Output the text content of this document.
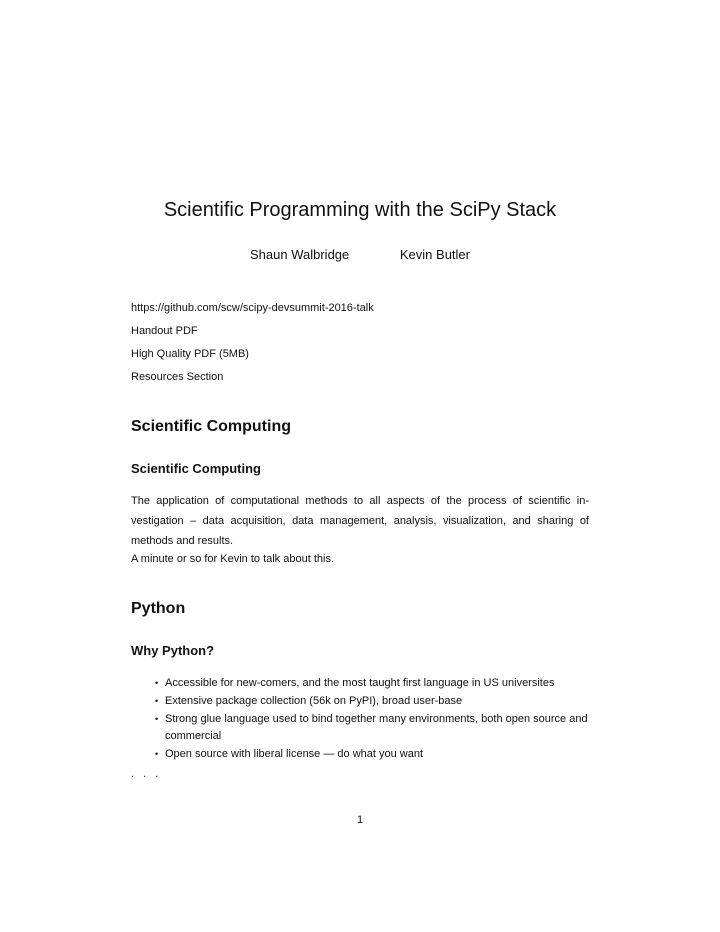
Scientific Programming with the SciPy Stack
Shaun Walbridge	Kevin Butler
https://github.com/scw/scipy-devsummit-2016-talk
Handout PDF
High Quality PDF (5MB)
Resources Section
Scientific Computing
Scientific Computing
The application of computational methods to all aspects of the process of scientific in-vestigation – data acquisition, data management, analysis, visualization, and sharing of methods and results.
A minute or so for Kevin to talk about this.
Python
Why Python?
• Accessible for new-comers, and the most taught first language in US universites
• Extensive package collection (56k on PyPI), broad user-base
• Strong glue language used to bind together many environments, both open source and commercial
• Open source with liberal license — do what you want
. . .
1
